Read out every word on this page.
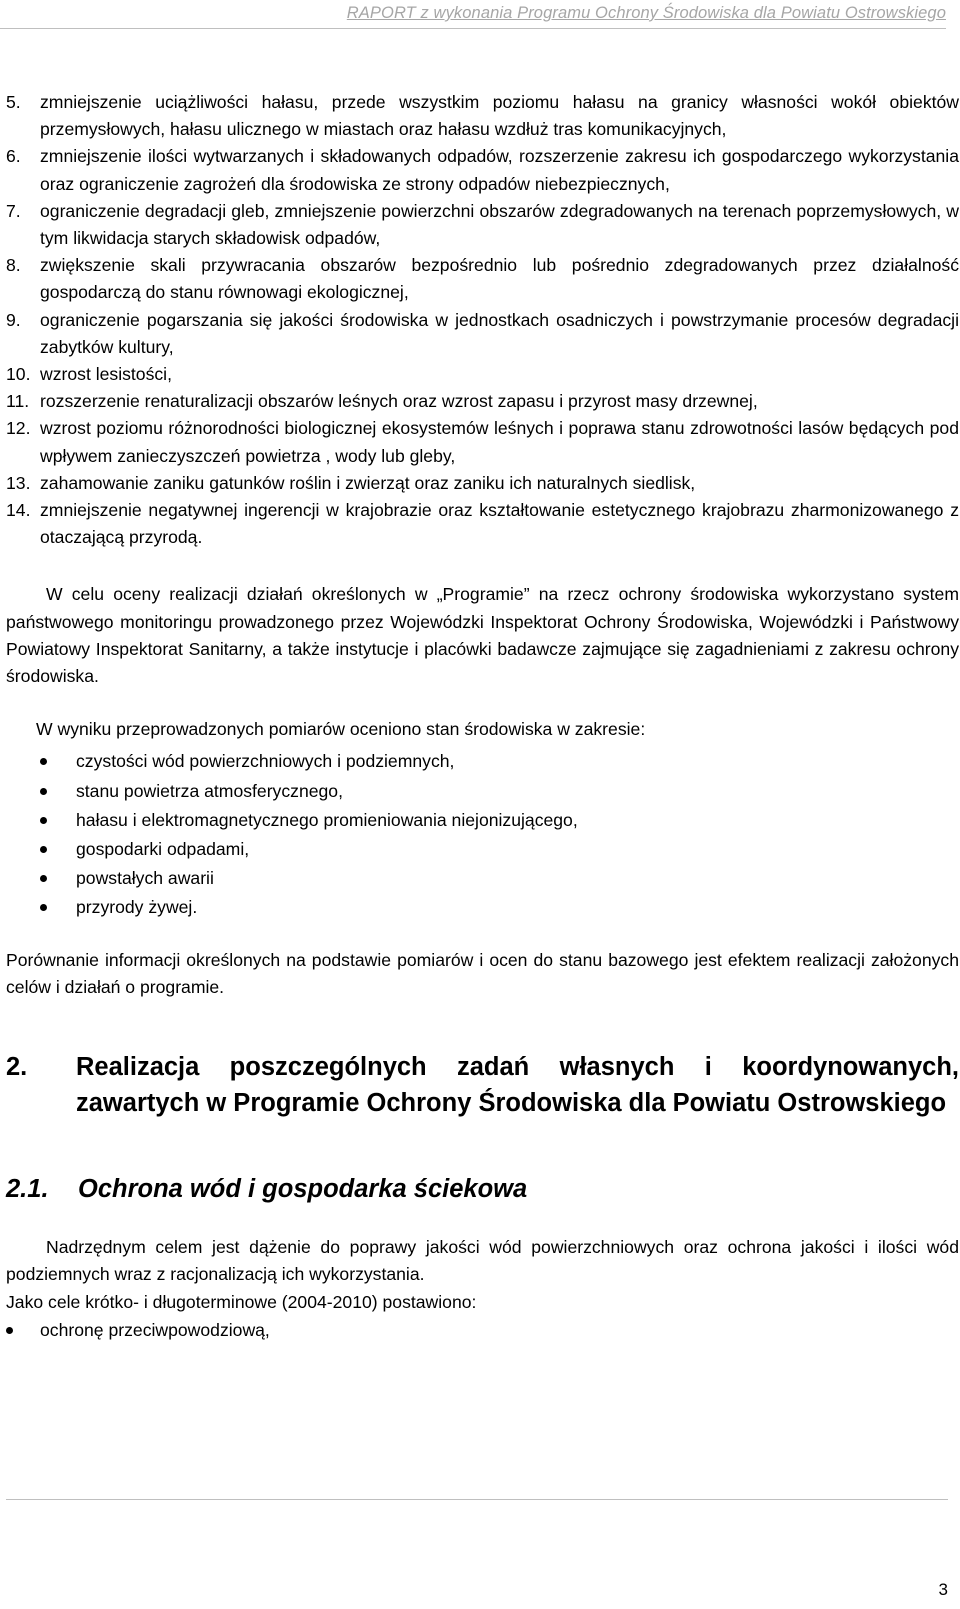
RAPORT z wykonania Programu Ochrony Środowiska dla Powiatu Ostrowskiego
5. zmniejszenie uciążliwości hałasu, przede wszystkim poziomu hałasu na granicy własności wokół obiektów przemysłowych, hałasu ulicznego w miastach oraz hałasu wzdłuż tras komunikacyjnych,
6. zmniejszenie ilości wytwarzanych i składowanych odpadów, rozszerzenie zakresu ich gospodarczego wykorzystania oraz ograniczenie zagrożeń dla środowiska ze strony odpadów niebezpiecznych,
7. ograniczenie degradacji gleb, zmniejszenie powierzchni obszarów zdegradowanych na terenach poprzemysłowych, w tym likwidacja starych składowisk odpadów,
8. zwiększenie skali przywracania obszarów bezpośrednio lub pośrednio zdegradowanych przez działalność gospodarczą do stanu równowagi ekologicznej,
9. ograniczenie pogarszania się jakości środowiska w jednostkach osadniczych i powstrzymanie procesów degradacji zabytków kultury,
10. wzrost lesistości,
11. rozszerzenie renaturalizacji obszarów leśnych oraz wzrost zapasu i przyrost masy drzewnej,
12. wzrost poziomu różnorodności biologicznej ekosystemów leśnych i poprawa stanu zdrowotności lasów będących pod wpływem zanieczyszczeń powietrza , wody lub gleby,
13. zahamowanie zaniku gatunków roślin i zwierząt oraz zaniku ich naturalnych siedlisk,
14. zmniejszenie negatywnej ingerencji w krajobrazie oraz kształtowanie estetycznego krajobrazu zharmonizowanego z otaczającą przyrodą.

W celu oceny realizacji działań określonych w „Programie” na rzecz ochrony środowiska wykorzystano system państwowego monitoringu prowadzonego przez Wojewódzki Inspektorat Ochrony Środowiska, Wojewódzki i Państwowy Powiatowy Inspektorat Sanitarny, a także instytucje i placówki badawcze zajmujące się zagadnieniami z zakresu ochrony środowiska.

W wyniku przeprowadzonych pomiarów oceniono stan środowiska w zakresie:

czystości wód powierzchniowych i podziemnych,
stanu powietrza atmosferycznego,
hałasu i elektromagnetycznego promieniowania niejonizującego,
gospodarki odpadami,
powstałych awarii
przyrody żywej.

Porównanie informacji określonych na podstawie pomiarów i ocen do stanu bazowego jest efektem realizacji założonych celów i działań o programie.

2. Realizacja poszczególnych zadań własnych i koordynowanych, zawartych w Programie Ochrony Środowiska dla Powiatu Ostrowskiego
2.1. Ochrona wód i gospodarka ściekowa

Nadrzędnym celem jest dążenie do poprawy jakości wód powierzchniowych oraz ochrona jakości i ilości wód podziemnych wraz z racjonalizacją ich wykorzystania.

Jako cele krótko- i długoterminowe (2004-2010) postawiono:

ochronę przeciwpowodziową,
3
